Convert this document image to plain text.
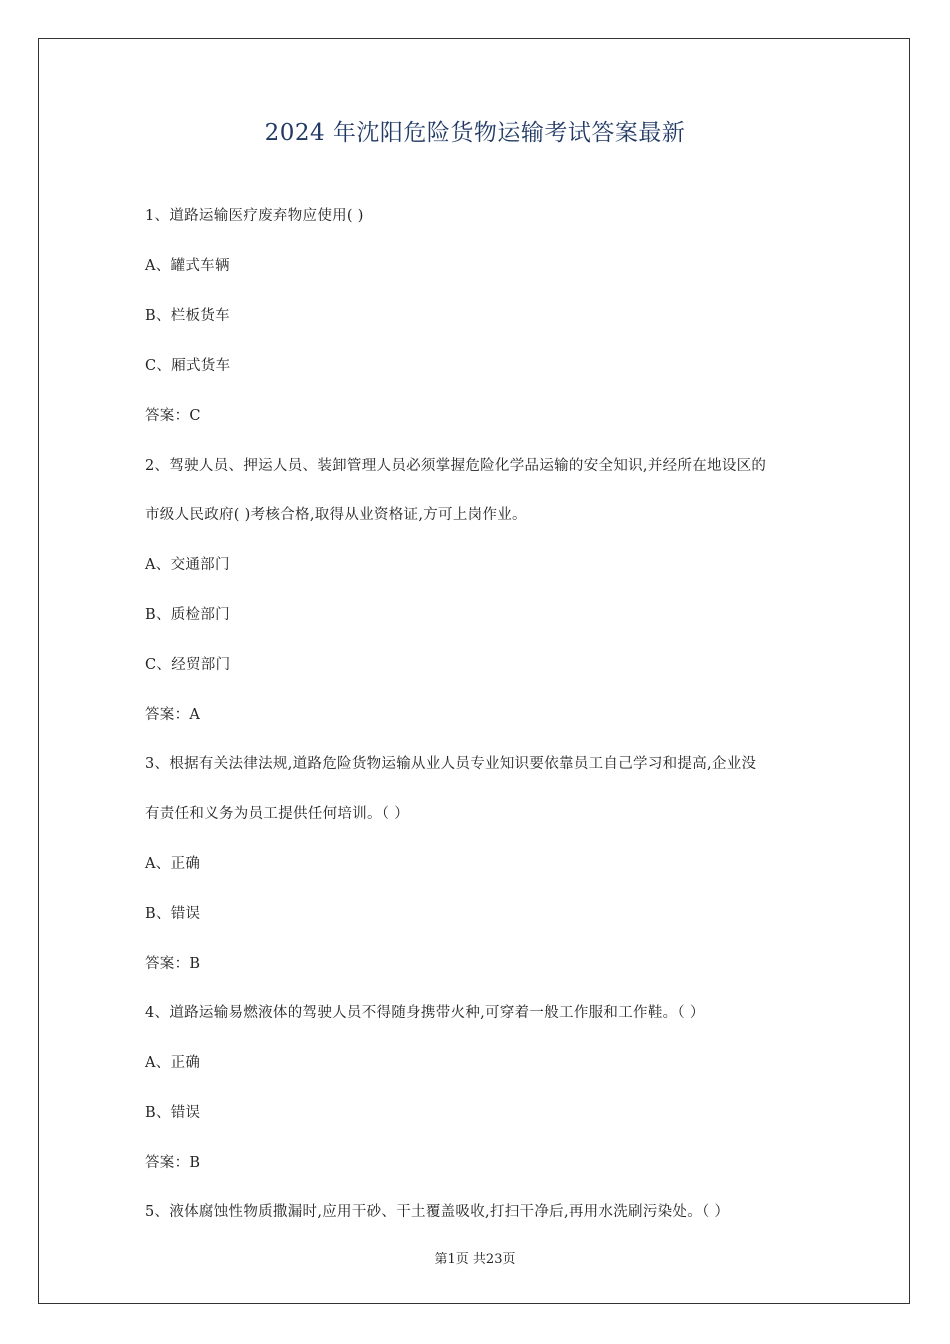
2024 年沈阳危险货物运输考试答案最新
1、道路运输医疗废弃物应使用( )
A、罐式车辆
B、栏板货车
C、厢式货车
答案：C
2、驾驶人员、押运人员、装卸管理人员必须掌握危险化学品运输的安全知识,并经所在地设区的
市级人民政府( )考核合格,取得从业资格证,方可上岗作业。
A、交通部门
B、质检部门
C、经贸部门
答案：A
3、根据有关法律法规,道路危险货物运输从业人员专业知识要依靠员工自己学习和提高,企业没
有责任和义务为员工提供任何培训。（ ）
A、正确
B、错误
答案：B
4、道路运输易燃液体的驾驶人员不得随身携带火种,可穿着一般工作服和工作鞋。（ ）
A、正确
B、错误
答案：B
5、液体腐蚀性物质撒漏时,应用干砂、干土覆盖吸收,打扫干净后,再用水洗刷污染处。（ ）
第1页 共23页
